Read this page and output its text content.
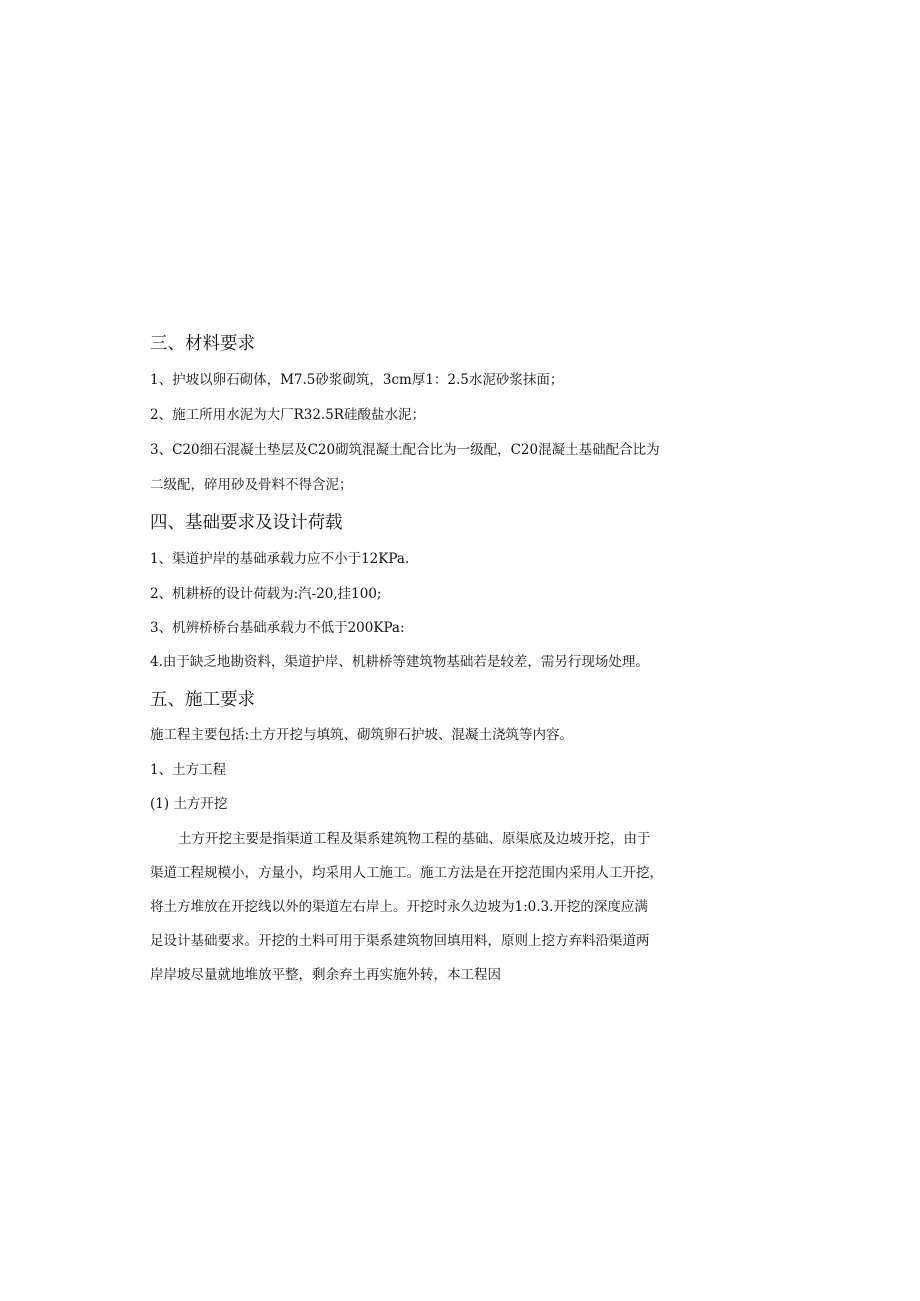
三、材料要求
1、护坡以卵石砌体，M7.5砂浆砌筑，3cm厚1：2.5水泥砂浆抹面；
2、施工所用水泥为大厂R32.5R硅酸盐水泥；
3、C20细石混凝土垫层及C20砌筑混凝土配合比为一级配，C20混凝土基础配合比为
二级配，碎用砂及骨料不得含泥；
四、基础要求及设计荷载
1、渠道护岸的基础承载力应不小于12KPa.
2、机耕桥的设计荷载为:汽-20,挂100;
3、机辨桥桥台基础承载力不低于200KPa:
4.由于缺乏地勘资料，渠道护岸、机耕桥等建筑物基础若是较差，需另行现场处理。
五、施工要求
施工程主要包括:土方开挖与填筑、砌筑卵石护坡、混凝土浇筑等内容。
1、土方工程
(1) 土方开挖
土方开挖主要是指渠道工程及渠系建筑物工程的基础、原渠底及边坡开挖，由于
渠道工程规模小，方量小，均采用人工施工。施工方法是在开挖范围内采用人工开挖，
将土方堆放在开挖线以外的渠道左右岸上。开挖时永久边坡为1:0.3.开挖的深度应满
足设计基础要求。开挖的土料可用于渠系建筑物回填用料，原则上挖方弃料沿渠道两
岸岸坡尽量就地堆放平整，剩余弃土再实施外转，本工程因
